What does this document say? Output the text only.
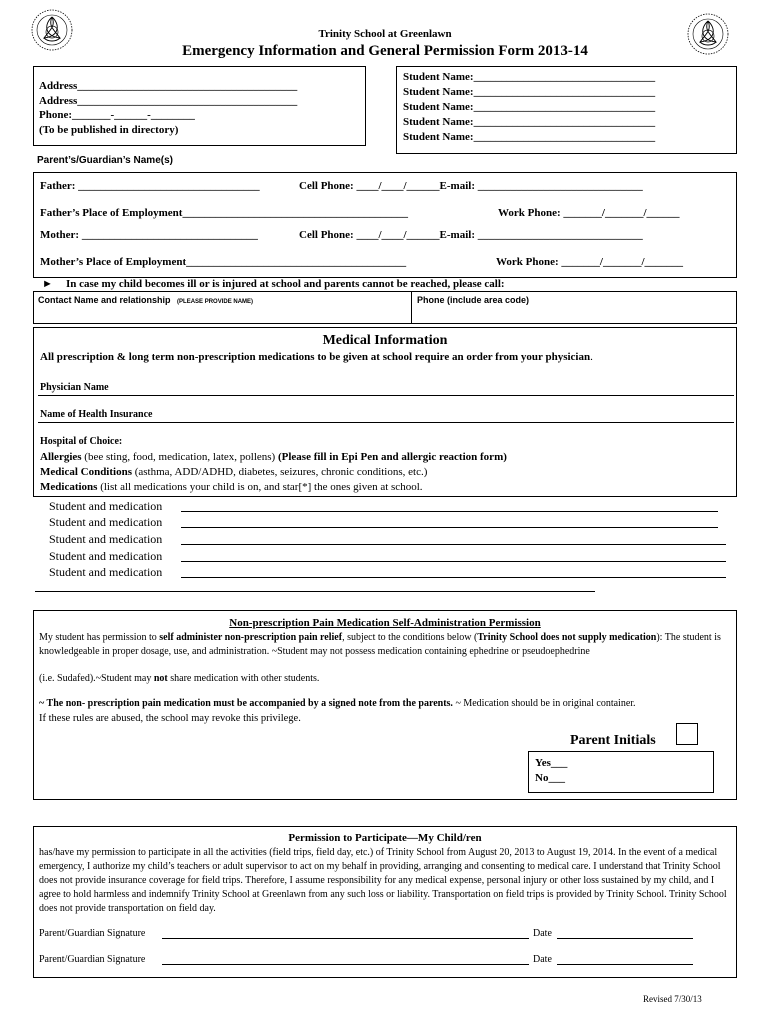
Trinity School at Greenlawn
Emergency Information and General Permission Form 2013-14
Address________________________________________
Address________________________________________
Phone:_______-______-________
(To be published in directory)
Student Name:_________________________________
Student Name:_________________________________
Student Name:_________________________________
Student Name:_________________________________
Student Name:_________________________________
Parent’s/Guardian’s Name(s)
Father: _________________________________	Cell Phone: ____/____/______E-mail: ______________________________
Father’s Place of Employment_________________________________________	Work Phone: _______/_______/______
Mother: ________________________________	Cell Phone: ____/____/______E-mail: ______________________________
Mother’s Place of Employment________________________________________	Work Phone: _______/_______/_______
► In case my child becomes ill or is injured at school and parents cannot be reached, please call:
Contact Name and relationship (PLEASE PROVIDE NAME)	Phone (include area code)
Medical Information
All prescription & long term non-prescription medications to be given at school require an order from your physician.
Physician Name
Name of Health Insurance
Hospital of Choice:
Allergies (bee sting, food, medication, latex, pollens) (Please fill in Epi Pen and allergic reaction form)
Medical Conditions (asthma, ADD/ADHD, diabetes, seizures, chronic conditions, etc.)
Medications (list all medications your child is on, and star[*] the ones given at school.
Student and medication
Student and medication
Student and medication
Student and medication
Student and medication
Non-prescription Pain Medication Self-Administration Permission
My student has permission to self administer non-prescription pain relief, subject to the conditions below (Trinity School does not supply medication): The student is knowledgeable in proper dosage, use, and administration. ~Student may not possess medication containing ephedrine or pseudoephedrine
(i.e. Sudafed).~Student may not share medication with other students.
~ The non- prescription pain medication must be accompanied by a signed note from the parents. ~ Medication should be in original container.
If these rules are abused, the school may revoke this privilege.
Parent Initials
Yes___
No___
Permission to Participate—My Child/ren
has/have my permission to participate in all the activities (field trips, field day, etc.) of Trinity School from August 20, 2013 to August 19, 2014. In the event of a medical emergency, I authorize my child’s teachers or adult supervisor to act on my behalf in providing, arranging and consenting to medical care. I understand that Trinity School does not provide insurance coverage for field trips. Therefore, I assume responsibility for any medical expense, personal injury or other loss sustained by my child, and I agree to hold harmless and indemnify Trinity School at Greenlawn from any such loss or liability. Transportation on field trips is provided by Trinity School. Trinity School does not provide transportation on field day.
Parent/Guardian Signature	Date
Parent/Guardian Signature	Date
Revised 7/30/13
